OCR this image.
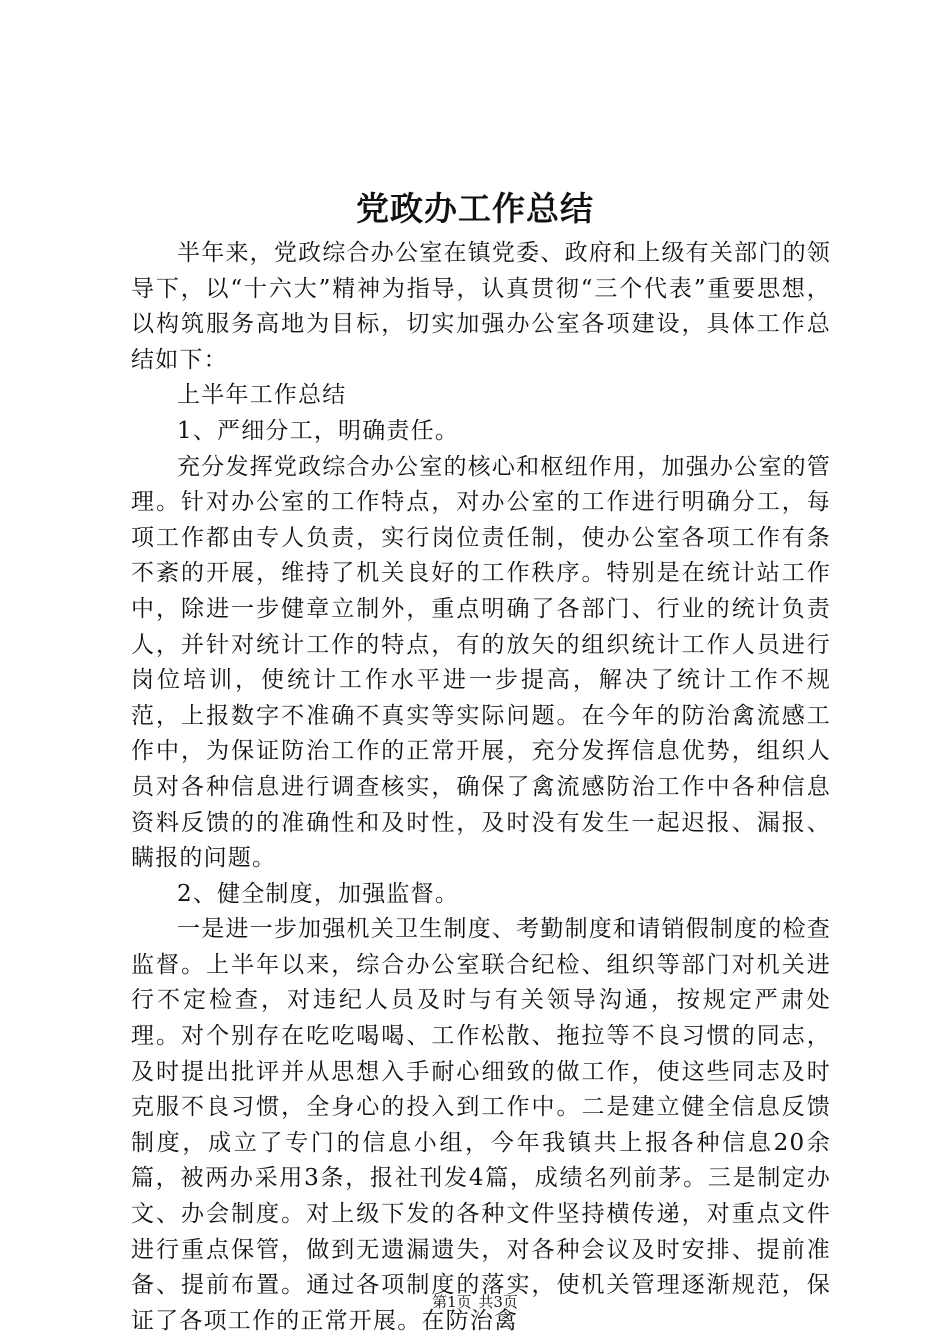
党政办工作总结

半年来，党政综合办公室在镇党委、政府和上级有关部门的领导下，以“十六大”精神为指导，认真贯彻“三个代表”重要思想，以构筑服务高地为目标，切实加强办公室各项建设，具体工作总结如下：

上半年工作总结

1、严细分工，明确责任。

充分发挥党政综合办公室的核心和枢纽作用，加强办公室的管理。针对办公室的工作特点，对办公室的工作进行明确分工，每项工作都由专人负责，实行岗位责任制，使办公室各项工作有条不紊的开展，维持了机关良好的工作秩序。特别是在统计站工作中，除进一步健章立制外，重点明确了各部门、行业的统计负责人，并针对统计工作的特点，有的放矢的组织统计工作人员进行岗位培训，使统计工作水平进一步提高，解决了统计工作不规范，上报数字不准确不真实等实际问题。在今年的防治禽流感工作中，为保证防治工作的正常开展，充分发挥信息优势，组织人员对各种信息进行调查核实，确保了禽流感防治工作中各种信息资料反馈的的准确性和及时性，及时没有发生一起迟报、漏报、瞒报的问题。

2、健全制度，加强监督。

一是进一步加强机关卫生制度、考勤制度和请销假制度的检查监督。上半年以来，综合办公室联合纪检、组织等部门对机关进行不定检查，对违纪人员及时与有关领导沟通，按规定严肃处理。对个别存在吃吃喝喝、工作松散、拖拉等不良习惯的同志，及时提出批评并从思想入手耐心细致的做工作，使这些同志及时克服不良习惯，全身心的投入到工作中。二是建立健全信息反馈制度，成立了专门的信息小组，今年我镇共上报各种信息20余篇，被两办采用3条，报社刊发4篇，成绩名列前茅。三是制定办文、办会制度。对上级下发的各种文件坚持横传递，对重点文件进行重点保管，做到无遗漏遗失，对各种会议及时安排、提前准备、提前布置。通过各项制度的落实，使机关管理逐渐规范，保证了各项工作的正常开展。在防治禽

第1页 共3页
